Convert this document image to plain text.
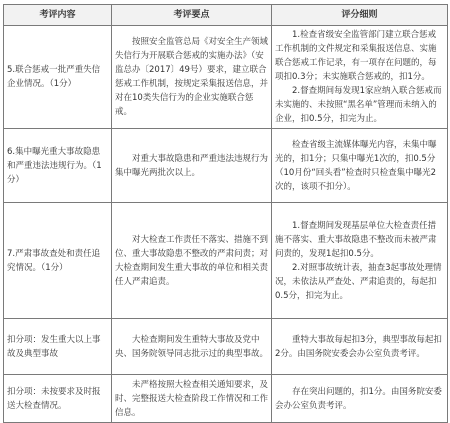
考评内容	考评要点	评分细则
5.联合惩戒一批严重失信企业情况。（1分）	按照安全监管总局《对安全生产领域失信行为开展联合惩戒的实施办法》（安监总办〔2017〕49号）要求，建立联合惩戒工作机制，按规定采集报送信息，并对在10类失信行为的企业实施联合惩戒。	1.检查省级安全监管部门建立联合惩戒工作机制的文件规定和采集报送信息、实施联合惩戒工作记录，有一项存在问题的，每项扣0.3分；未实施联合惩戒的，扣1分。
2.督查期间每发现1家应纳入联合惩戒而未实施的、未按照“黑名单”管理而未纳入的企业，扣0.5分，扣完为止。

6.集中曝光重大事故隐患和严重违法违规行为。（1分）	对重大事故隐患和严重违法违规行为集中曝光两批次以上。	检查省级主流媒体曝光内容，未集中曝光的，扣1分；只集中曝光1次的，扣0.5分（10月份“回头看”检查时只检查集中曝光2次的，该项不扣分）。

7.严肃事故查处和责任追究情况。（1分）	对大检查工作责任不落实、措施不到位、重大事故隐患不整改的严肃问责；对大检查期间发生重大事故的单位和相关责任人严肃追责。	1.督查期间发现基层单位大检查责任措施不落实、重大事故隐患不整改而未被严肃问责的，发现1起扣0.5分。
2.对照事故统计表，抽查3起事故处理情况，未依法从严查处、严肃追责的，每起扣0.5分，扣完为止。

扣分项：发生重大以上事故及典型事故	大检查期间发生重特大事故及党中央、国务院领导同志批示过的典型事故。	重特大事故每起扣3分，典型事故每起扣2分。由国务院安委会办公室负责考评。

扣分项：未按要求及时报送大检查情况。	未严格按照大检查相关通知要求，及时、完整报送大检查阶段工作情况和工作信息。	存在突出问题的，扣1分。由国务院安委会办公室负责考评。
